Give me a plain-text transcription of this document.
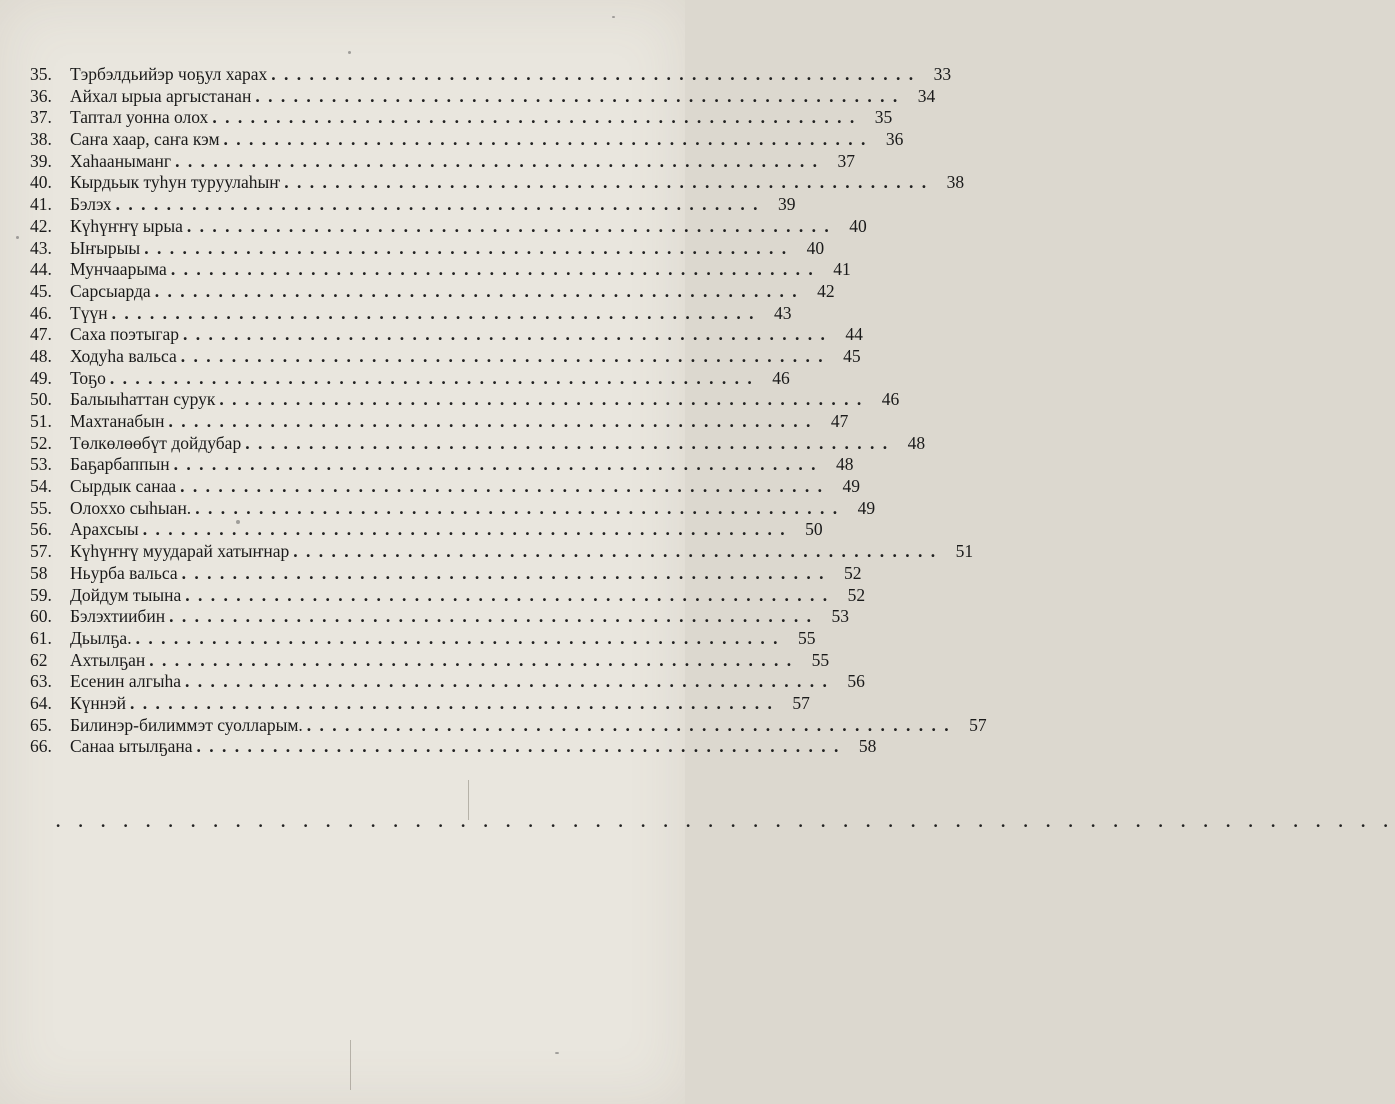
35.	Тэрбэлдьийэр чоҕул харах . . .	33
36.	Айхал ырыа аргыстанан . . .	34
37.	Таптал уонна олох . . .	35
38.	Саҥа хаар, саҥа кэм . . .	36
39.	Хаһааныманг . . .	37
40.	Кырдьык туһун туруулаһыҥ . . .	38
41.	Бэлэх . . .	39
42.	Күһүҥҥү ырыа . . .	40
43.	Ыҥырыы . . .	40
44.	Мунчаарыма . . .	41
45.	Сарсыарда . . .	42
46.	Түүн . . .	43
47.	Саха поэтыгар . . .	44
48.	Ходуһа вальса . . .	45
49.	Тоҕо . . .	46
50.	Балыыһаттан сурук . . .	46
51.	Махтанабын . . .	47
52.	Төлкөлөөбүт дойдубар . . .	48
53.	Баҕарбаппын . . .	48
54.	Сырдык санаа . . .	49
55.	Олоххо сыһыан. . . .	49
56.	Арахсыы . . .	50
57.	Күһүҥҥү муударай хатыҥнар . . .	51
58	Ньурба вальса . . .	52
59.	Дойдум тыына . . .	52
60.	Бэлэхтиибин . . .	53
61.	Дьылҕа. . . .	55
62	Ахтылҕан . . .	55
63.	Есенин алгыһа . . .	56
64.	Күннэй . . .	57
65.	Билинэр-билиммэт суолларым. . . .	57
66.	Санаа ытылҕана . . .	58
. . . . . . . . . . . . . . . . . . . . . . . . . . . . . . . . . . . . . . . . . . . . . . . . . . . . . . . . . . . .
